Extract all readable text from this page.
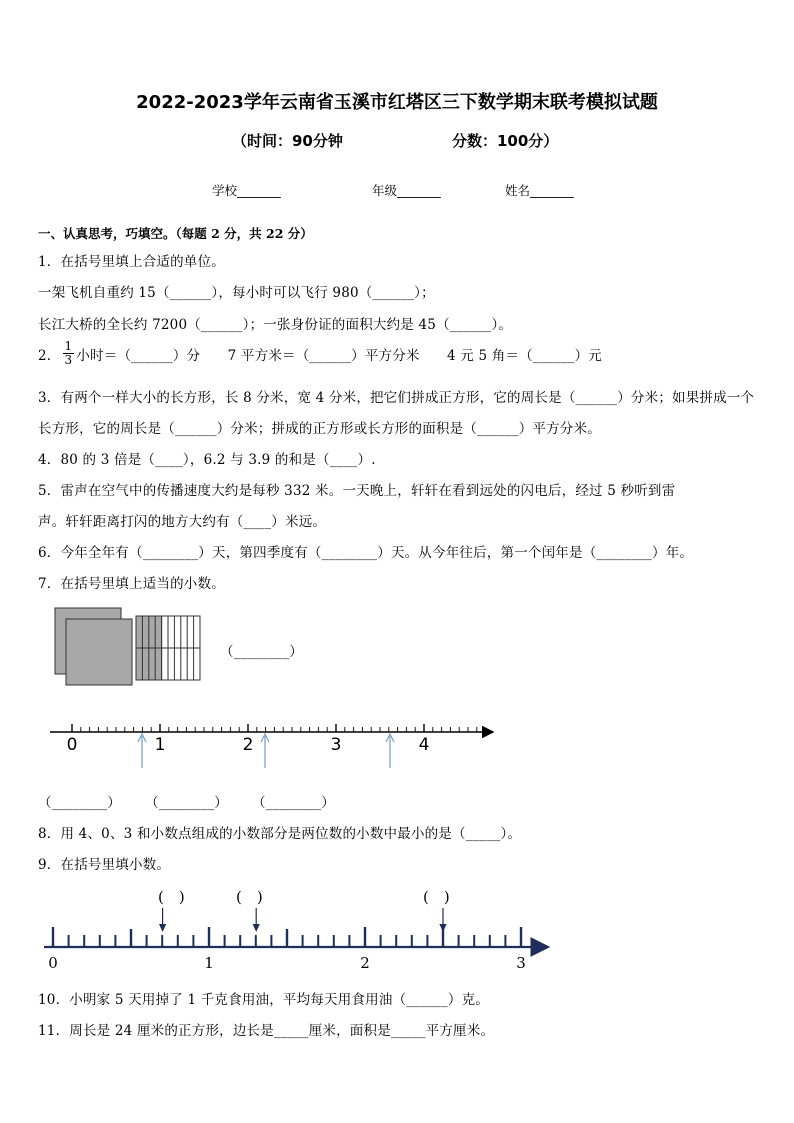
2022-2023学年云南省玉溪市红塔区三下数学期末联考模拟试题
（时间：90分钟	分数：100分）
学校_______	年级_______	姓名_______
一、认真思考，巧填空。（每题 2 分，共 22 分）
1．在括号里填上合适的单位。
一架飞机自重约 15（______），每小时可以飞行 980（______）；
长江大桥的全长约 7200（______）；一张身份证的面积大约是 45（______）。
2． $\frac{1}{3}$ 小时＝（______）分　　7 平方米＝（______）平方分米　　4 元 5 角＝（______）元
3．有两个一样大小的长方形，长 8 分米，宽 4 分米，把它们拼成正方形，它的周长是（______）分米；如果拼成一个
长方形，它的周长是（______）分米；拼成的正方形或长方形的面积是（______）平方分米。
4．80 的 3 倍是（____），6.2 与 3.9 的和是（____）.
5．雷声在空气中的传播速度大约是每秒 332 米。一天晚上，轩轩在看到远处的闪电后，经过 5 秒听到雷
声。轩轩距离打闪的地方大约有（____）米远。
6．今年全年有（________）天，第四季度有（________）天。从今年往后，第一个闰年是（________）年。
7．在括号里填上适当的小数。
（________）
0	1	2	3	4
（________） （________） （________）
8．用 4、0、3 和小数点组成的小数部分是两位数的小数中最小的是（_____）。
9．在括号里填小数。
(　)	(　)	(　)
0	1	2	3
10．小明家 5 天用掉了 1 千克食用油，平均每天用食用油（______）克。
11．周长是 24 厘米的正方形，边长是_____厘米，面积是_____平方厘米。
